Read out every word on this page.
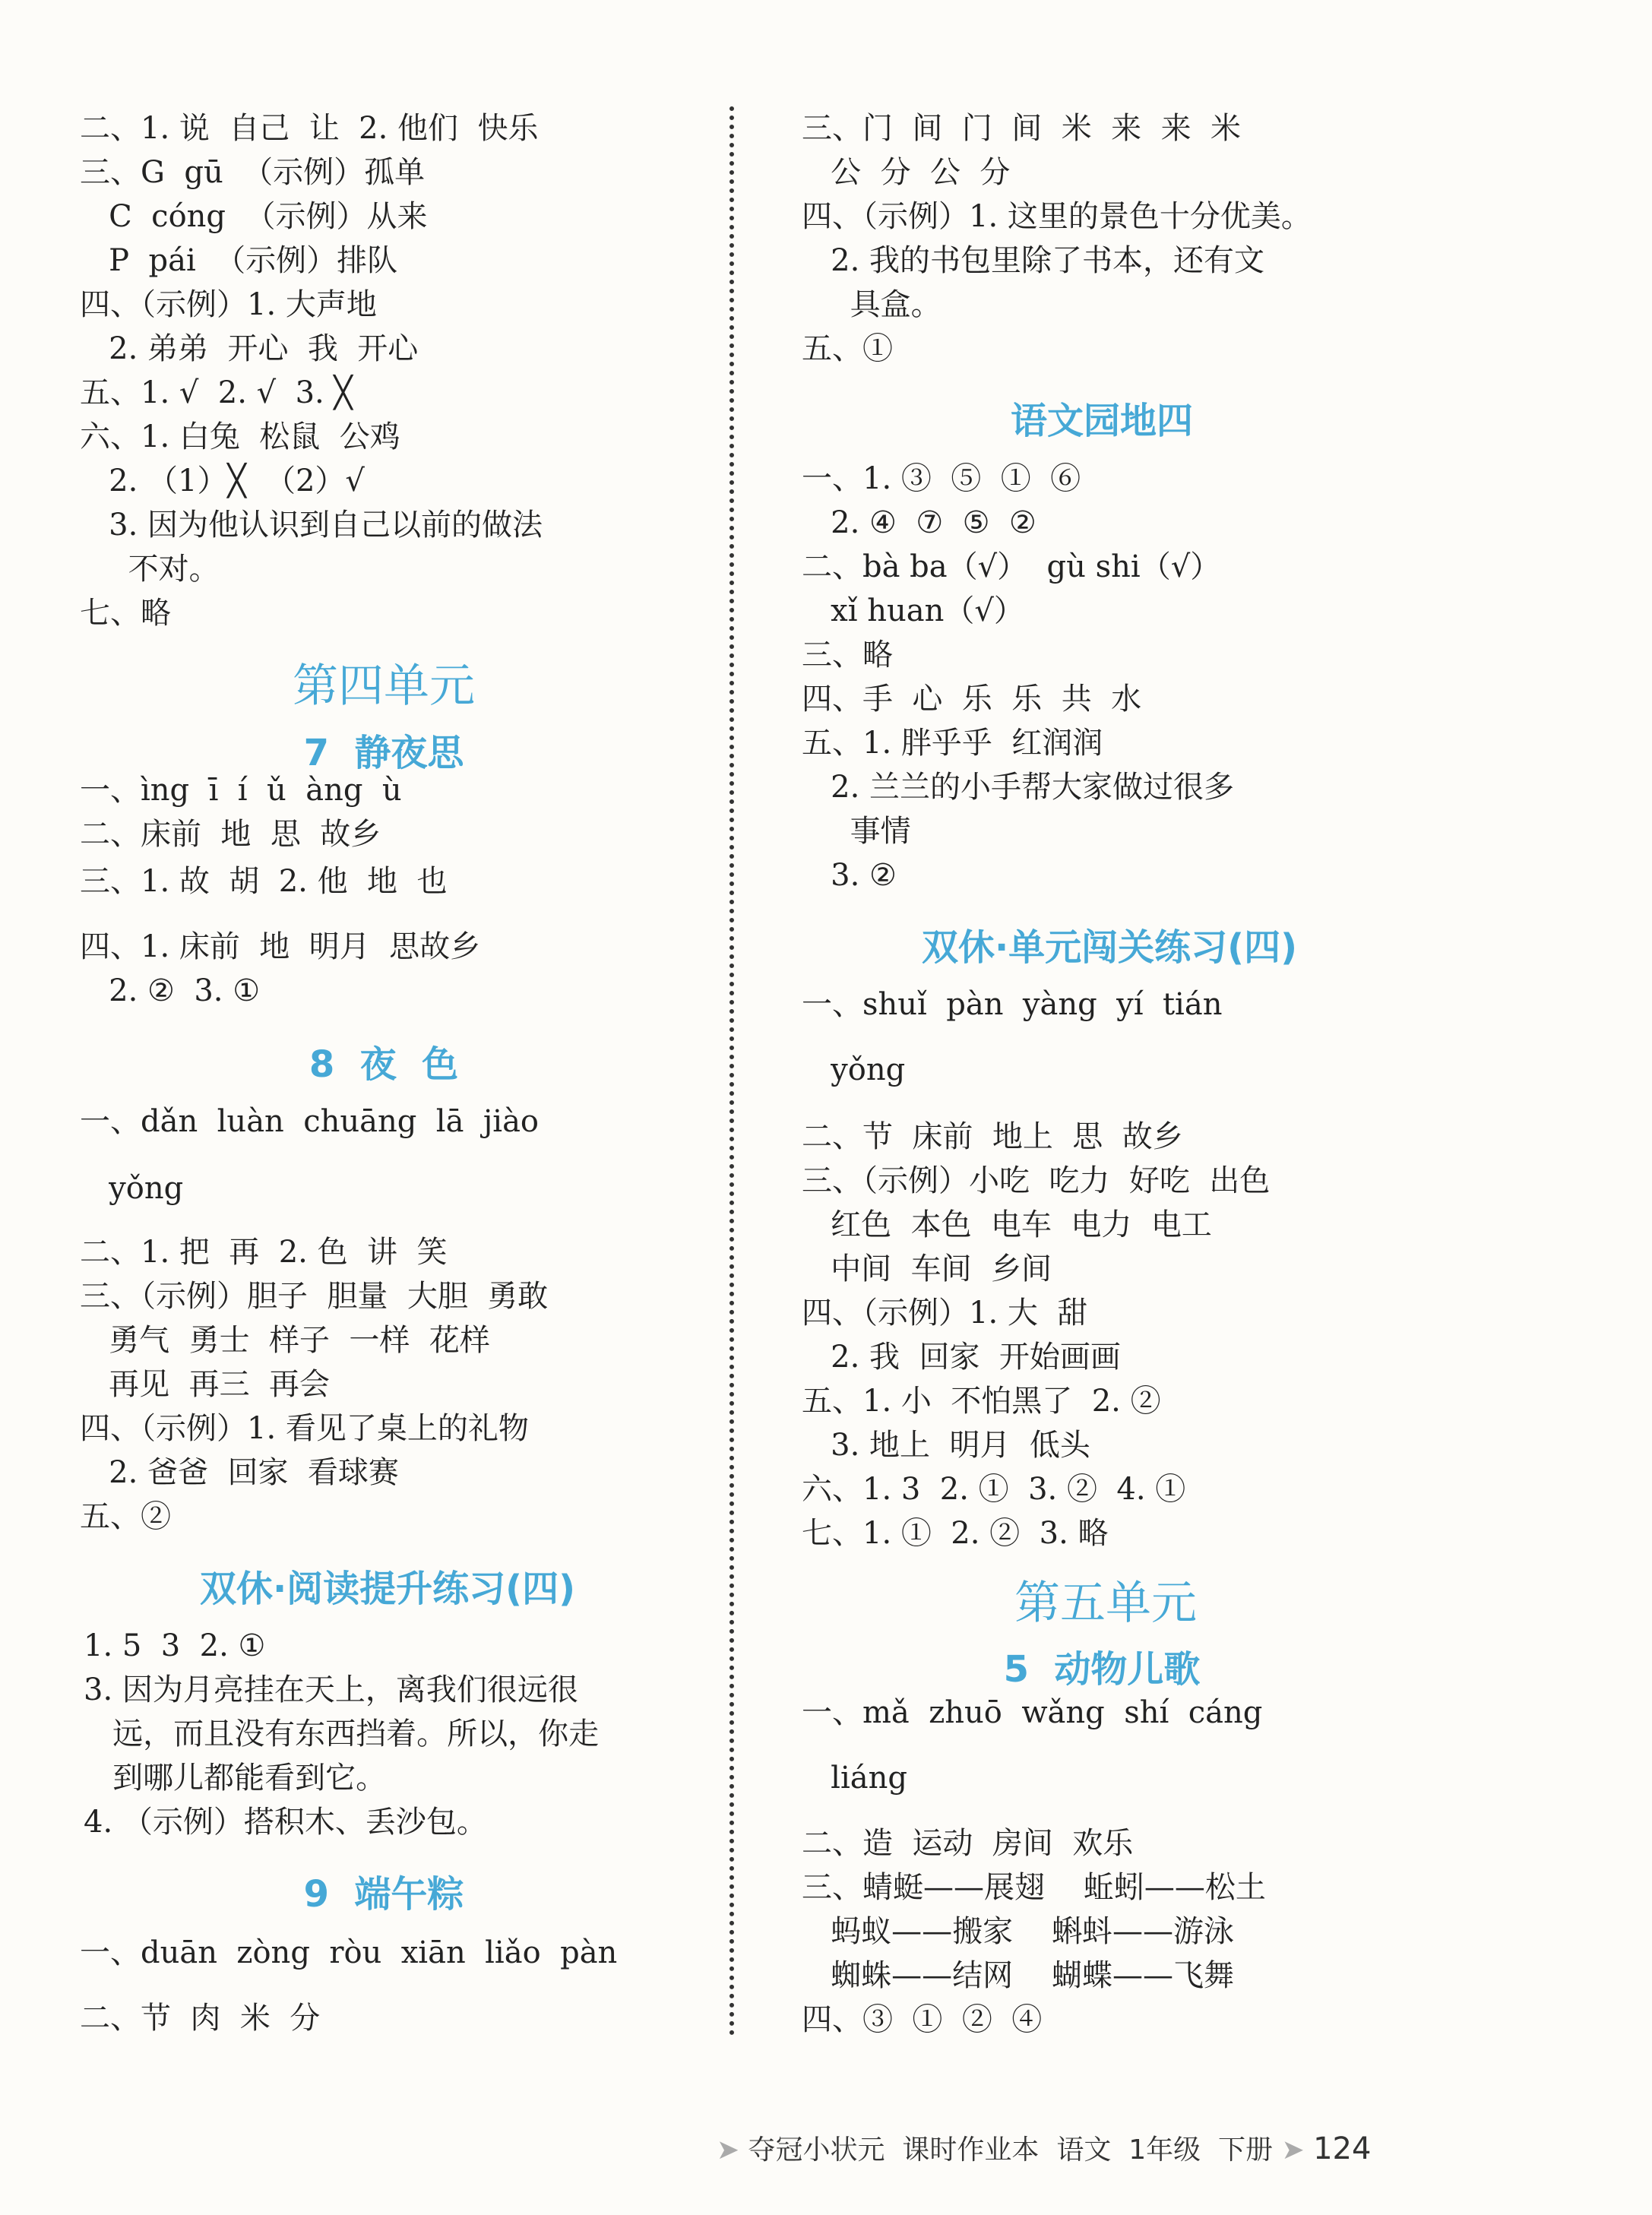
二、1. 说  自己  让  2. 他们  快乐
三、G  gū  （示例）孤单
C  cóng  （示例）从来
P  pái  （示例）排队
四、（示例）1. 大声地
2. 弟弟  开心  我  开心
五、1. √  2. √  3. ╳
六、1. 白兔  松鼠  公鸡
2. （1）╳  （2）√
3. 因为他认识到自己以前的做法
不对。
七、略
第四单元
7  静夜思
一、ìng  ī  í  ǔ  àng  ù
二、床前  地  思  故乡
三、1. 故  胡  2. 他  地  也
四、1. 床前  地  明月  思故乡
2. ②  3. ①
8  夜  色
一、dǎn  luàn  chuāng  lā  jiào
yǒng
二、1. 把  再  2. 色  讲  笑
三、（示例）胆子  胆量  大胆  勇敢
勇气  勇士  样子  一样  花样
再见  再三  再会
四、（示例）1. 看见了桌上的礼物
2. 爸爸  回家  看球赛
五、②
双休·阅读提升练习(四)
1. 5  3  2. ①
3. 因为月亮挂在天上，离我们很远很
远，而且没有东西挡着。所以，你走
到哪儿都能看到它。
4. （示例）搭积木、丢沙包。
9  端午粽
一、duān  zòng  ròu  xiān  liǎo  pàn
二、节  肉  米  分
三、门  间  门  间  米  来  来  米
公  分  公  分
四、（示例）1. 这里的景色十分优美。
2. 我的书包里除了书本，还有文
具盒。
五、①
语文园地四
一、1. ③  ⑤  ①  ⑥
2. ④  ⑦  ⑤  ②
二、bà ba（√）  gù shi（√）
xǐ huan（√）
三、略
四、手  心  乐  乐  共  水
五、1. 胖乎乎  红润润
2. 兰兰的小手帮大家做过很多
事情
3. ②
双休·单元闯关练习(四)
一、shuǐ  pàn  yàng  yí  tián
yǒng
二、节  床前  地上  思  故乡
三、（示例）小吃  吃力  好吃  出色
红色  本色  电车  电力  电工
中间  车间  乡间
四、（示例）1. 大  甜
2. 我  回家  开始画画
五、1. 小  不怕黑了  2. ②
3. 地上  明月  低头
六、1. 3  2. ①  3. ②  4. ①
七、1. ①  2. ②  3. 略
第五单元
5  动物儿歌
一、mǎ  zhuō  wǎng  shí  cáng
liáng
二、造  运动  房间  欢乐
三、蜻蜓——展翅    蚯蚓——松土
蚂蚁——搬家    蝌蚪——游泳
蜘蛛——结网    蝴蝶——飞舞
四、③  ①  ②  ④

➤ 夺冠小状元 课时作业本 语文 1年级 下册 ➤ 124
